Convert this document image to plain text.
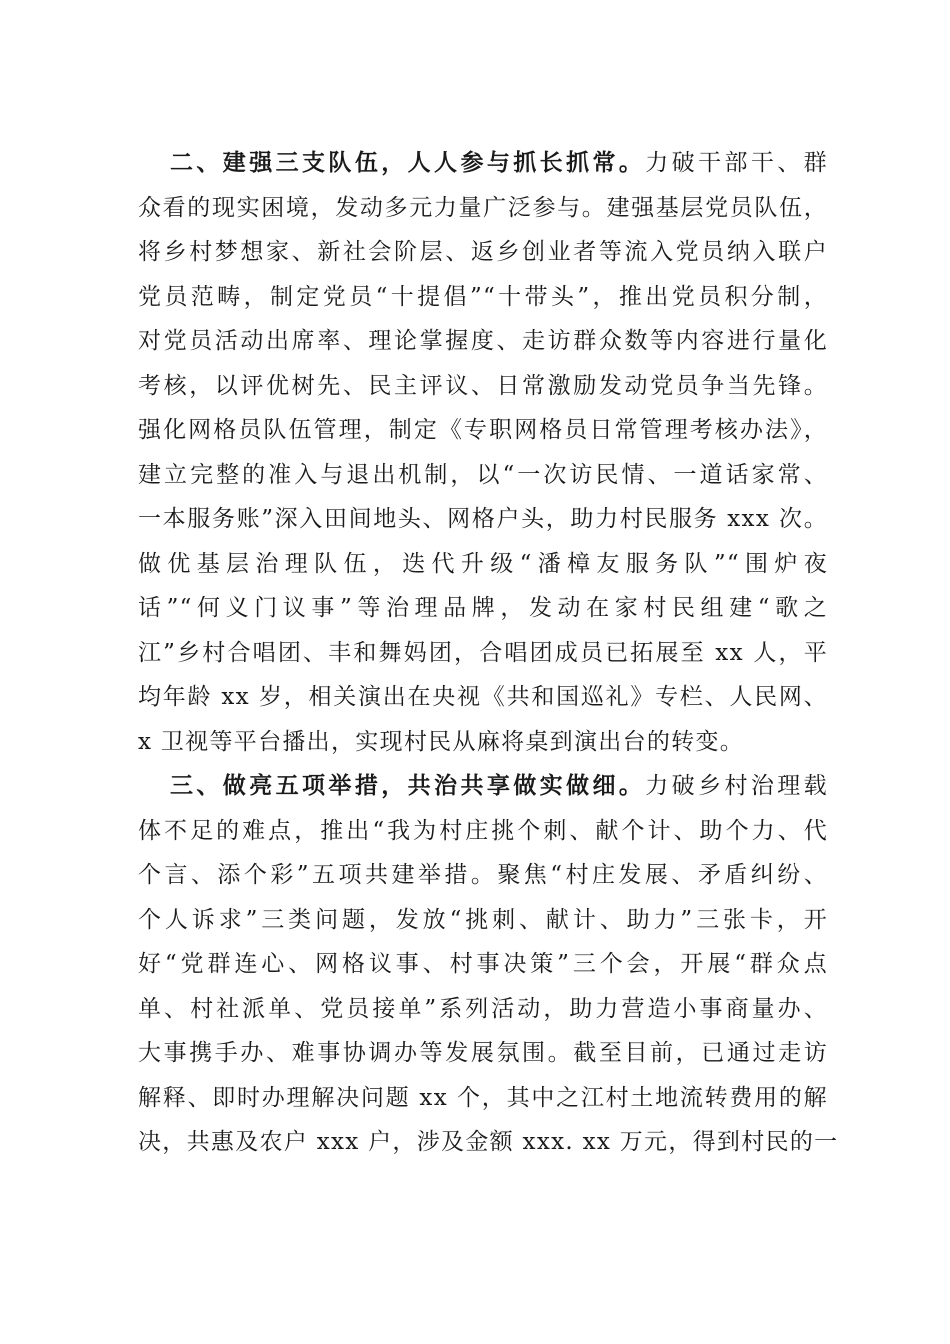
二、建强三支队伍，人人参与抓长抓常。力破干部干、群
众看的现实困境，发动多元力量广泛参与。建强基层党员队伍，
将乡村梦想家、新社会阶层、返乡创业者等流入党员纳入联户
党员范畴，制定党员“十提倡”“十带头”，推出党员积分制，
对党员活动出席率、理论掌握度、走访群众数等内容进行量化
考核，以评优树先、民主评议、日常激励发动党员争当先锋。
强化网格员队伍管理，制定《专职网格员日常管理考核办法》，
建立完整的准入与退出机制，以“一次访民情、一道话家常、
一本服务账”深入田间地头、网格户头，助力村民服务 xxx 次。
做优基层治理队伍，迭代升级“潘樟友服务队”“围炉夜
话”“何义门议事”等治理品牌，发动在家村民组建“歌之
江”乡村合唱团、丰和舞妈团，合唱团成员已拓展至 xx 人，平
均年龄 xx 岁，相关演出在央视《共和国巡礼》专栏、人民网、
x 卫视等平台播出，实现村民从麻将桌到演出台的转变。
三、做亮五项举措，共治共享做实做细。力破乡村治理载
体不足的难点，推出“我为村庄挑个刺、献个计、助个力、代
个言、添个彩”五项共建举措。聚焦“村庄发展、矛盾纠纷、
个人诉求”三类问题，发放“挑刺、献计、助力”三张卡，开
好“党群连心、网格议事、村事决策”三个会，开展“群众点
单、村社派单、党员接单”系列活动，助力营造小事商量办、
大事携手办、难事协调办等发展氛围。截至目前，已通过走访
解释、即时办理解决问题 xx 个，其中之江村土地流转费用的解
决，共惠及农户 xxx 户，涉及金额 xxx. xx 万元，得到村民的一
